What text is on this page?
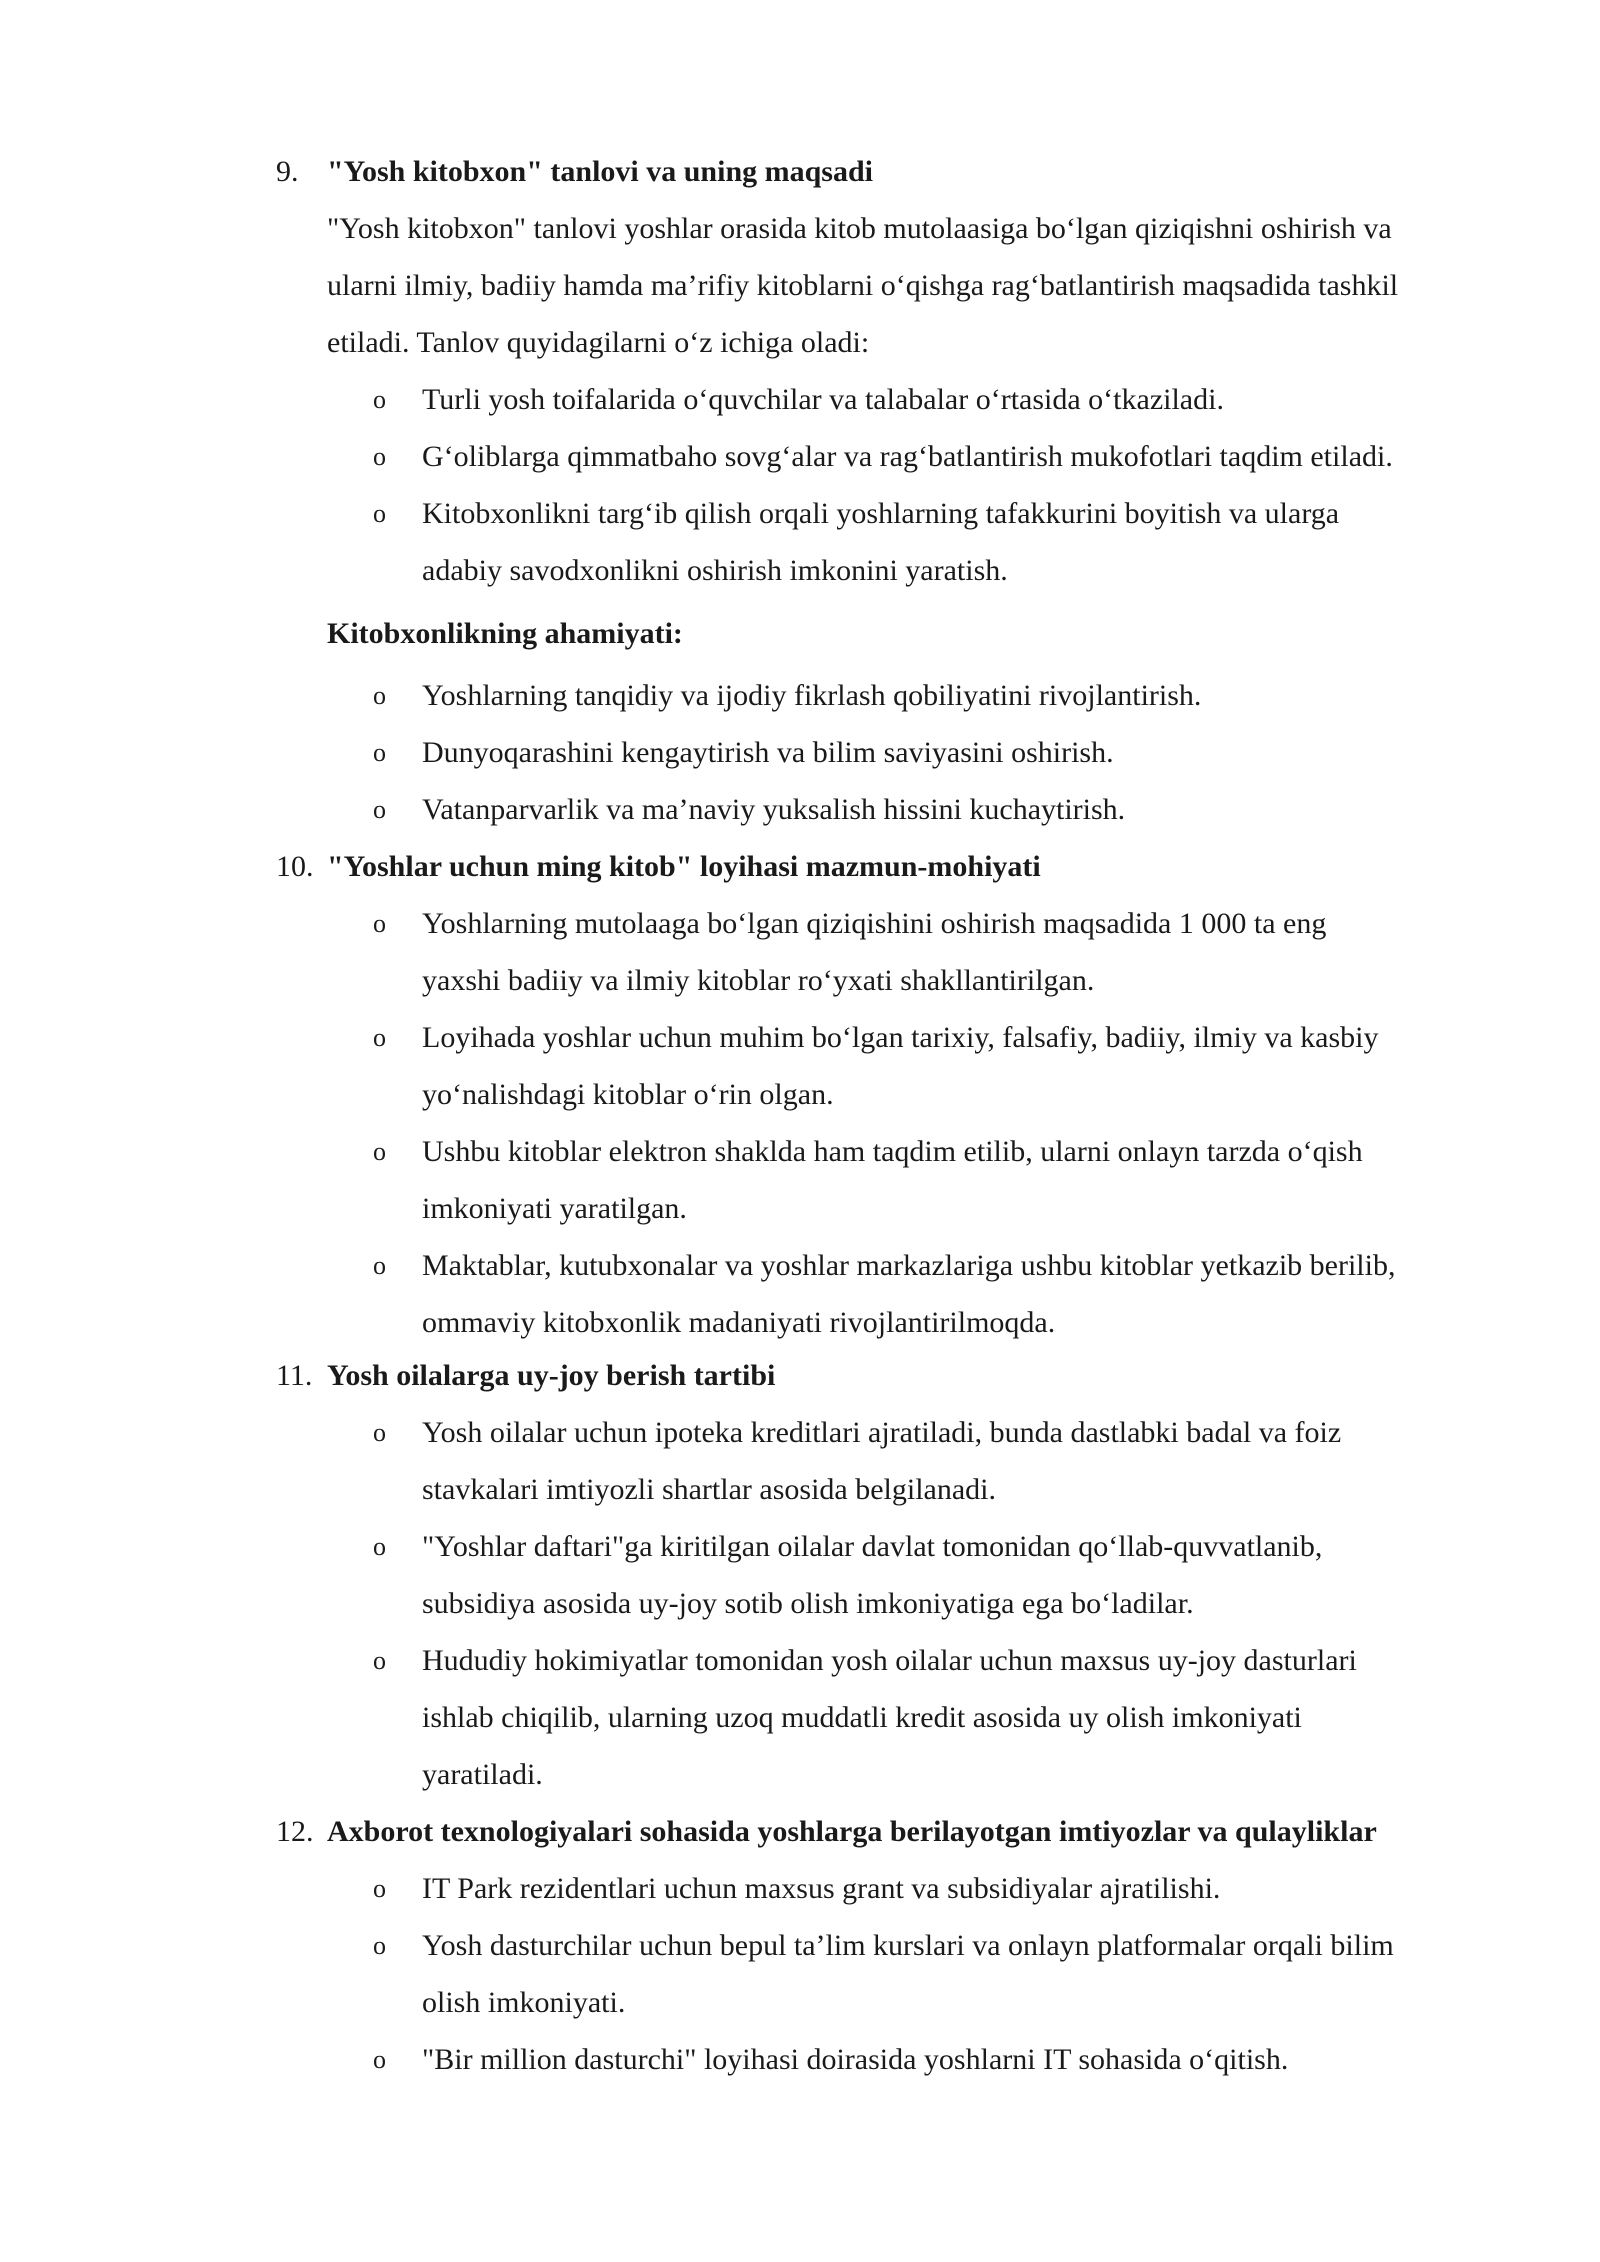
9. "Yosh kitobxon" tanlovi va uning maqsadi
"Yosh kitobxon" tanlovi yoshlar orasida kitob mutolaasiga bo‘lgan qiziqishni oshirish va
ularni ilmiy, badiiy hamda ma’rifiy kitoblarni o‘qishga rag‘batlantirish maqsadida tashkil
etiladi. Tanlov quyidagilarni o‘z ichiga oladi:
o Turli yosh toifalarida o‘quvchilar va talabalar o‘rtasida o‘tkaziladi.
o G‘oliblarga qimmatbaho sovg‘alar va rag‘batlantirish mukofotlari taqdim etiladi.
o Kitobxonlikni targ‘ib qilish orqali yoshlarning tafakkurini boyitish va ularga
adabiy savodxonlikni oshirish imkonini yaratish.
Kitobxonlikning ahamiyati:
o Yoshlarning tanqidiy va ijodiy fikrlash qobiliyatini rivojlantirish.
o Dunyoqarashini kengaytirish va bilim saviyasini oshirish.
o Vatanparvarlik va ma’naviy yuksalish hissini kuchaytirish.
10. "Yoshlar uchun ming kitob" loyihasi mazmun-mohiyati
o Yoshlarning mutolaaga bo‘lgan qiziqishini oshirish maqsadida 1 000 ta eng
yaxshi badiiy va ilmiy kitoblar ro‘yxati shakllantirilgan.
o Loyihada yoshlar uchun muhim bo‘lgan tarixiy, falsafiy, badiiy, ilmiy va kasbiy
yo‘nalishdagi kitoblar o‘rin olgan.
o Ushbu kitoblar elektron shaklda ham taqdim etilib, ularni onlayn tarzda o‘qish
imkoniyati yaratilgan.
o Maktablar, kutubxonalar va yoshlar markazlariga ushbu kitoblar yetkazib berilib,
ommaviy kitobxonlik madaniyati rivojlantirilmoqda.
11. Yosh oilalarga uy-joy berish tartibi
o Yosh oilalar uchun ipoteka kreditlari ajratiladi, bunda dastlabki badal va foiz
stavkalari imtiyozli shartlar asosida belgilanadi.
o "Yoshlar daftari"ga kiritilgan oilalar davlat tomonidan qo‘llab-quvvatlanib,
subsidiya asosida uy-joy sotib olish imkoniyatiga ega bo‘ladilar.
o Hududiy hokimiyatlar tomonidan yosh oilalar uchun maxsus uy-joy dasturlari
ishlab chiqilib, ularning uzoq muddatli kredit asosida uy olish imkoniyati
yaratiladi.
12. Axborot texnologiyalari sohasida yoshlarga berilayotgan imtiyozlar va qulayliklar
o IT Park rezidentlari uchun maxsus grant va subsidiyalar ajratilishi.
o Yosh dasturchilar uchun bepul ta’lim kurslari va onlayn platformalar orqali bilim
olish imkoniyati.
o "Bir million dasturchi" loyihasi doirasida yoshlarni IT sohasida o‘qitish.
